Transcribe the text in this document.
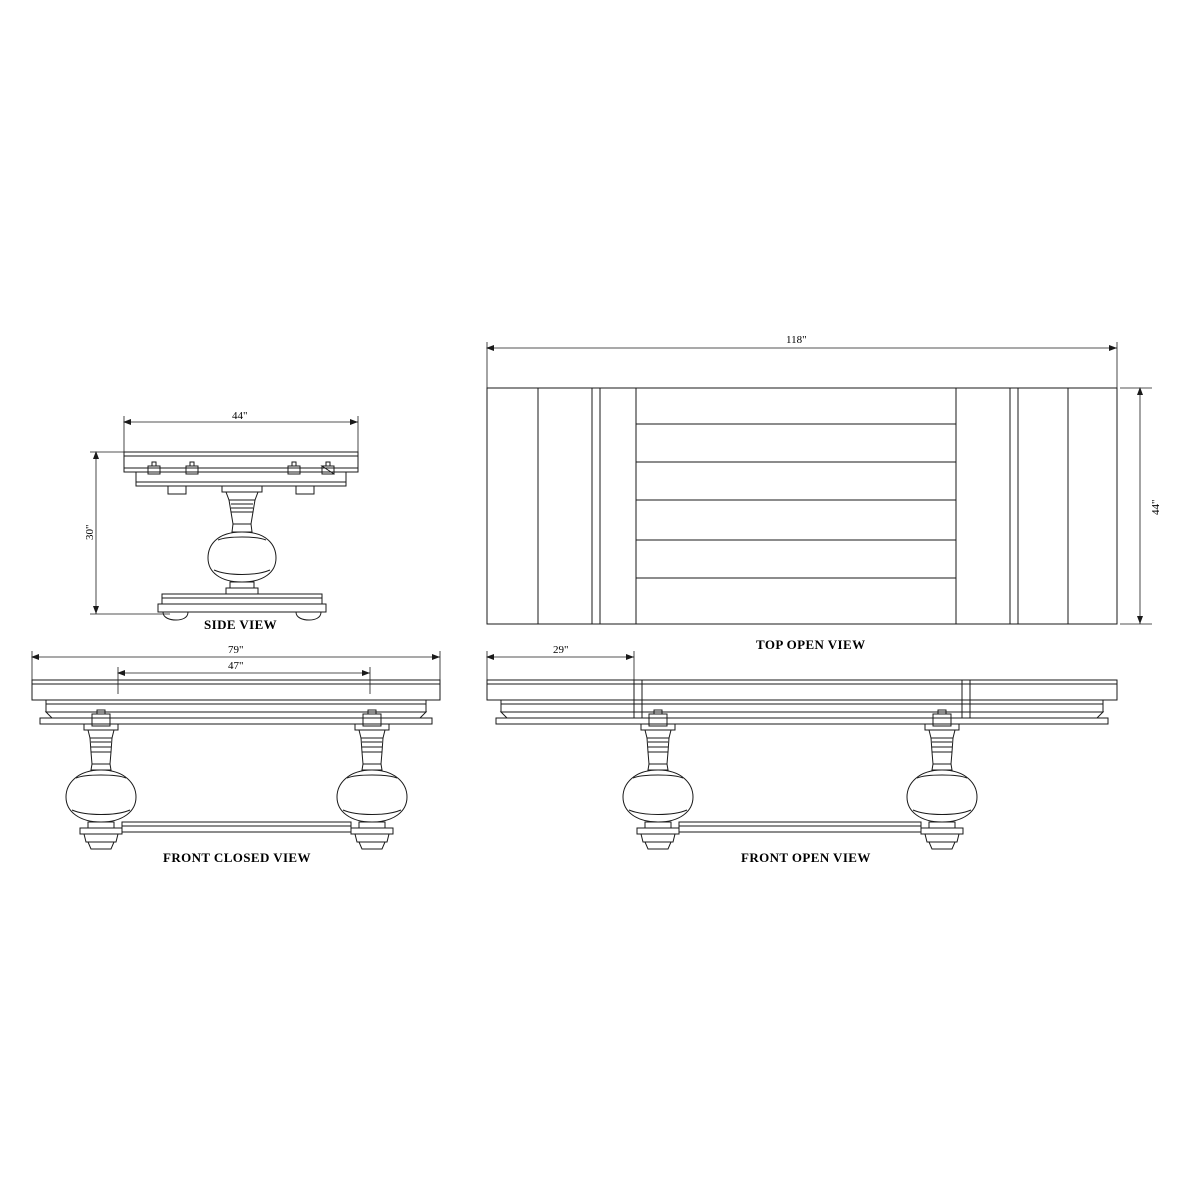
44"
30"
SIDE VIEW
118"
44"
TOP OPEN VIEW
79"
47"
FRONT CLOSED VIEW
29"
FRONT OPEN VIEW
